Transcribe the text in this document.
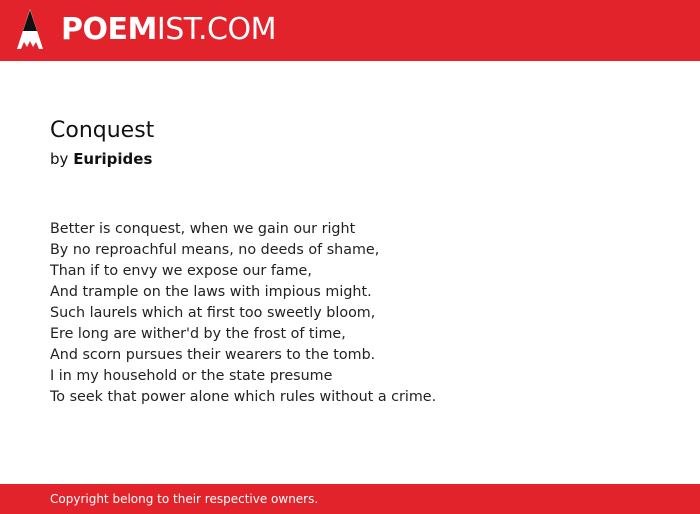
POEMIST.COM
Conquest
by Euripides
Better is conquest, when we gain our right
By no reproachful means, no deeds of shame,
Than if to envy we expose our fame,
And trample on the laws with impious might.
Such laurels which at first too sweetly bloom,
Ere long are wither'd by the frost of time,
And scorn pursues their wearers to the tomb.
I in my household or the state presume
To seek that power alone which rules without a crime.
Copyright belong to their respective owners.
